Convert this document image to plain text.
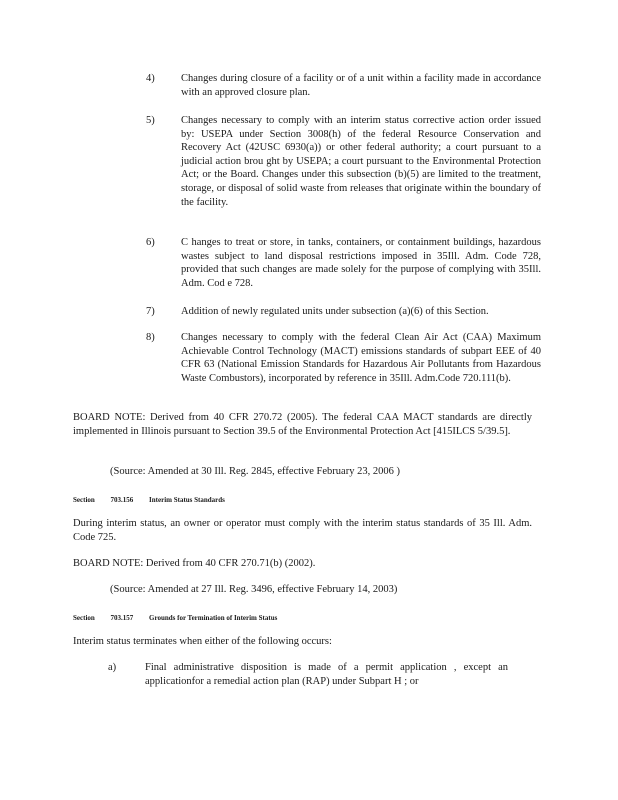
4)	Changes during closure of a facility or of a unit within a facility made in accordance with an approved closure plan.
5)	Changes necessary to comply with an interim status corrective action order issued by: USEPA under Section 3008(h) of the federal Resource Conservation and Recovery Act (42USC 6930(a)) or other federal authority; a court pursuant to a judicial action brou ght by USEPA; a court pursuant to the Environmental Protection Act; or the Board. Changes under this subsection (b)(5) are limited to the treatment, storage, or disposal of solid waste from releases that originate within the boundary of the facility.
6)	C hanges to treat or store, in tanks, containers, or containment buildings, hazardous wastes subject to land disposal restrictions imposed in 35Ill. Adm. Code 728, provided that such changes are made solely for the purpose of complying with 35Ill. Adm. Cod e 728.
7)	Addition of newly regulated units under subsection (a)(6) of this Section.
8)	Changes necessary to comply with the federal Clean Air Act (CAA) Maximum Achievable Control Technology (MACT) emissions standards of subpart EEE of 40 CFR 63 (National Emission Standards for Hazardous Air Pollutants from Hazardous Waste Combustors), incorporated by reference in 35Ill. Adm.Code 720.111(b).
BOARD NOTE: Derived from 40 CFR 270.72 (2005). The federal CAA MACT standards are directly implemented in Illinois pursuant to Section 39.5 of the Environmental Protection Act [415ILCS 5/39.5].
(Source: Amended at 30 Ill. Reg. 2845, effective February 23, 2006 )
Section 703.156 Interim Status Standards
During interim status, an owner or operator must comply with the interim status standards of 35 Ill. Adm. Code 725.
BOARD NOTE: Derived from 40 CFR 270.71(b) (2002).
(Source: Amended at 27 Ill. Reg. 3496, effective February 14, 2003)
Section 703.157 Grounds for Termination of Interim Status
Interim status terminates when either of the following occurs:
a)	Final administrative disposition is made of a permit application , except an applicationfor a remedial action plan (RAP) under Subpart H ; or
